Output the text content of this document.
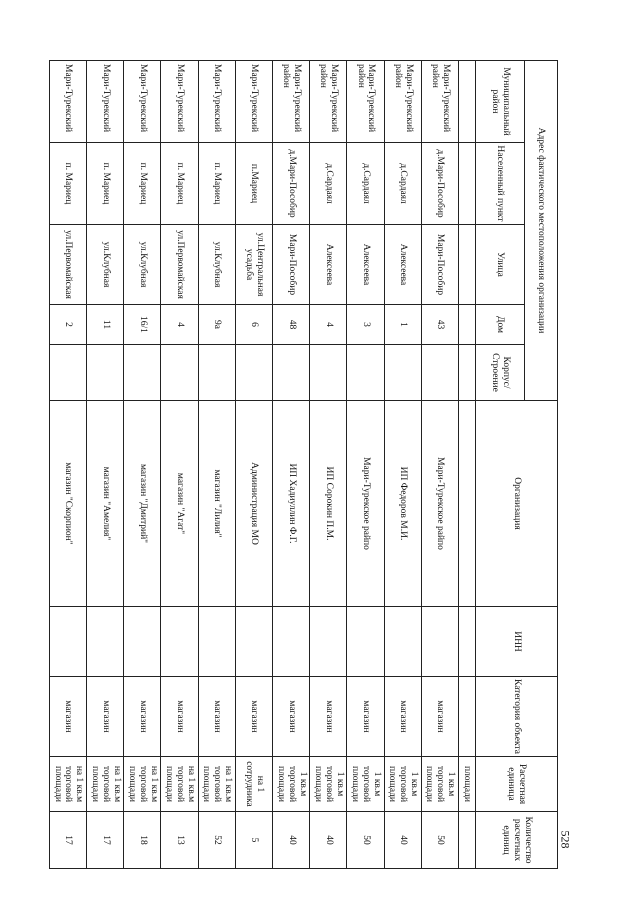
528
Адрес фактического местоположения организации					Организация	ИНН	Категория объекта	Расчетная единица	Количество расчетных единиц
Муниципальный район	Населенный пункт	Улица	Дом	Корпус/ Строение					
								площади	
Мари-Турекский район	д.Мари-Пособир	Мари-Пособир	43		Мари-Турекское райпо		магазин	1 кв.м торговой площади	50
Мари-Турекский район	д.Сардаял	Алексеева	1		ИП Федоров М.И.		магазин	1 кв.м торговой площади	40
Мари-Турекский район	д.Сардаял	Алексеева	3		Мари-Турекское райпо		магазин	1 кв.м торговой площади	50
Мари-Турекский район	д.Сардаял	Алексеева	4		ИП Сорокин П.М.		магазин	1 кв.м торговой площади	40
Мари-Турекский район	д.Мари-Пособир	Мари-Пособир	48		ИП Хадиуллин Ф.Г.		магазин	1 кв.м торговой площади	40
Мари-Турекский	п.Мариец	ул.Центральная усадьба	6		Администрация МО		магазин	на 1 сотрудника	5
Мари-Турекский	п. Мариец	ул.Клубная	9а		магазин "Лилия"		магазин	на 1 кв.м торговой площади	52
Мари-Турекский	п. Мариец	ул.Первомайская	4		магазин "Агат"		магазин	на 1 кв.м торговой площади	13
Мари-Турекский	п. Мариец	ул.Клубная	16/1		магазин "Дмитрий"		магазин	на 1 кв.м торговой площади	18
Мари-Турекский	п. Мариец	ул.Клубная	11		магазин "Амелия"		магазин	на 1 кв.м торговой площади	17
Мари-Турекский	п. Мариец	ул.Первомайская	2		магазин "Скорпион"		магазин	на 1 кв.м торговой площади	17
